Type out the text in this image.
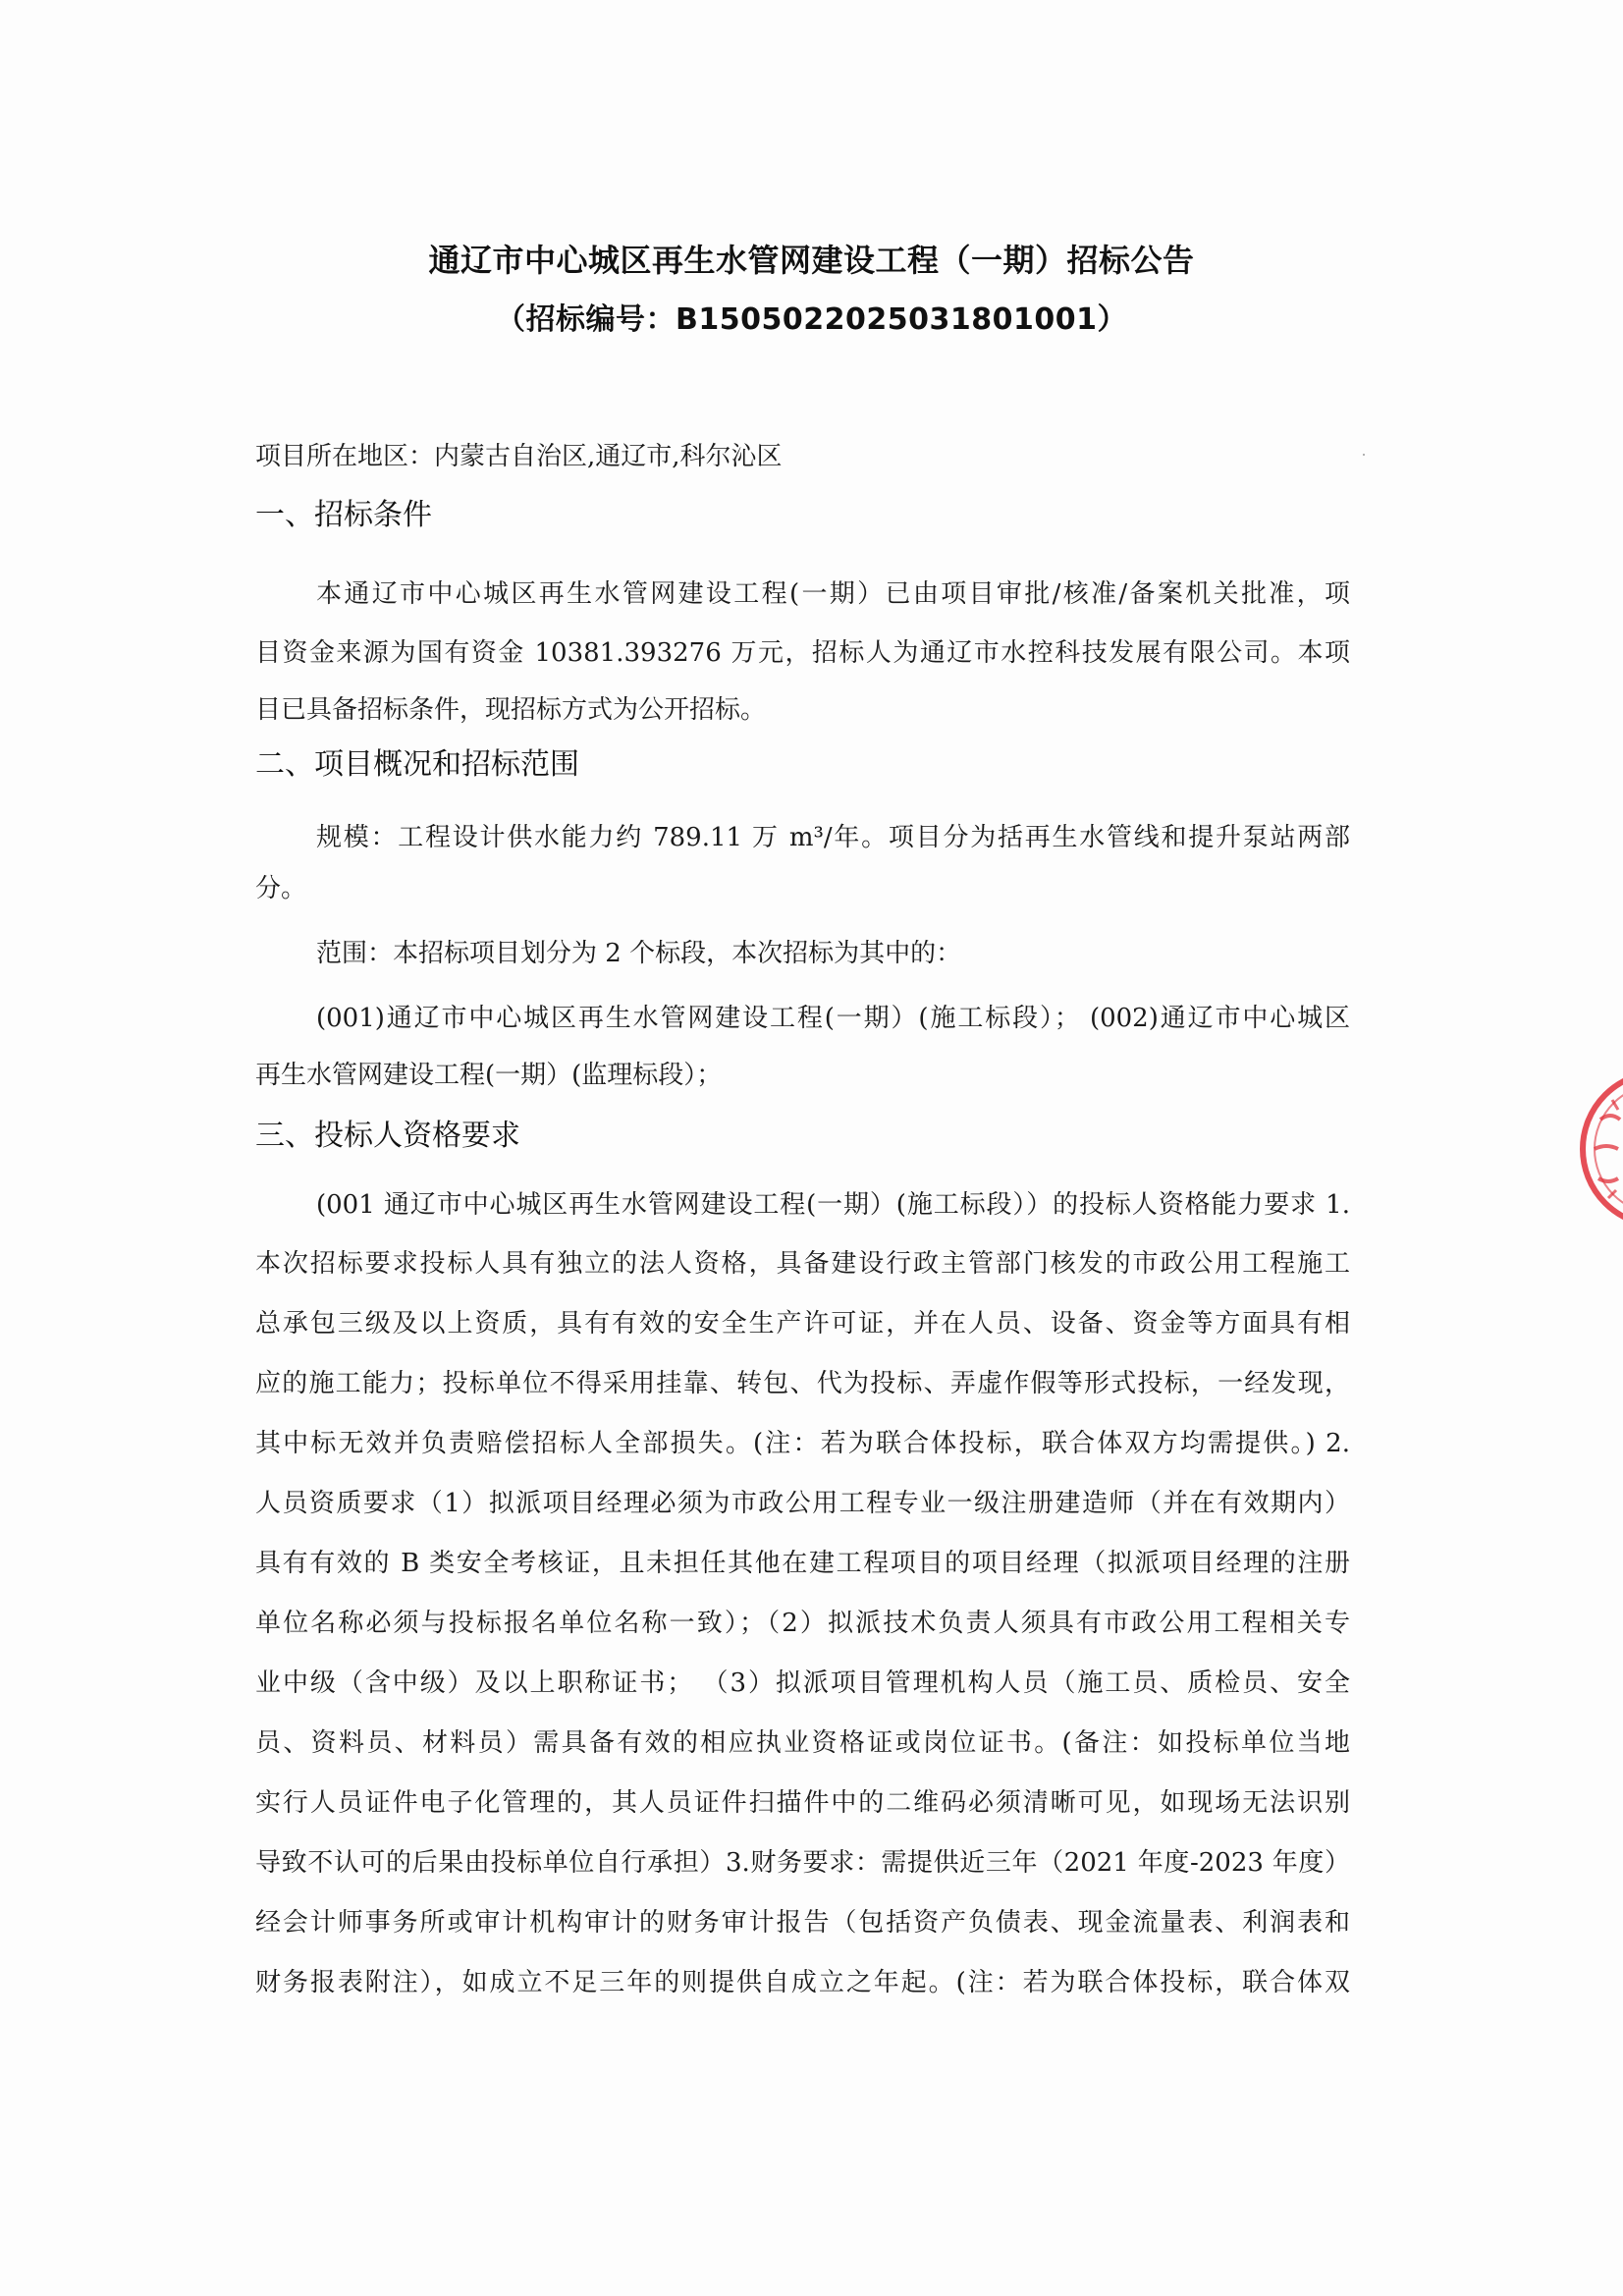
通辽市中心城区再生水管网建设工程（一期）招标公告
（招标编号：B1505022025031801001）
项目所在地区：内蒙古自治区,通辽市,科尔沁区
一、招标条件
本通辽市中心城区再生水管网建设工程(一期）已由项目审批/核准/备案机关批准，项
目资金来源为国有资金 10381.393276 万元，招标人为通辽市水控科技发展有限公司。本项
目已具备招标条件，现招标方式为公开招标。
二、项目概况和招标范围
规模：工程设计供水能力约 789.11 万 m³/年。项目分为括再生水管线和提升泵站两部
分。
范围：本招标项目划分为 2 个标段，本次招标为其中的：
(001)通辽市中心城区再生水管网建设工程(一期）(施工标段）； (002)通辽市中心城区
再生水管网建设工程(一期）(监理标段）；
三、投标人资格要求
(001 通辽市中心城区再生水管网建设工程(一期）(施工标段））的投标人资格能力要求 1.
本次招标要求投标人具有独立的法人资格，具备建设行政主管部门核发的市政公用工程施工
总承包三级及以上资质，具有有效的安全生产许可证，并在人员、设备、资金等方面具有相
应的施工能力；投标单位不得采用挂靠、转包、代为投标、弄虚作假等形式投标，一经发现，
其中标无效并负责赔偿招标人全部损失。(注：若为联合体投标，联合体双方均需提供。) 2.
人员资质要求（1）拟派项目经理必须为市政公用工程专业一级注册建造师（并在有效期内）
具有有效的 B 类安全考核证，且未担任其他在建工程项目的项目经理（拟派项目经理的注册
单位名称必须与投标报名单位名称一致）；（2）拟派技术负责人须具有市政公用工程相关专
业中级（含中级）及以上职称证书； （3）拟派项目管理机构人员（施工员、质检员、安全
员、资料员、材料员）需具备有效的相应执业资格证或岗位证书。(备注：如投标单位当地
实行人员证件电子化管理的，其人员证件扫描件中的二维码必须清晰可见，如现场无法识别
导致不认可的后果由投标单位自行承担）3.财务要求：需提供近三年（2021 年度-2023 年度）
经会计师事务所或审计机构审计的财务审计报告（包括资产负债表、现金流量表、利润表和
财务报表附注），如成立不足三年的则提供自成立之年起。(注：若为联合体投标，联合体双
